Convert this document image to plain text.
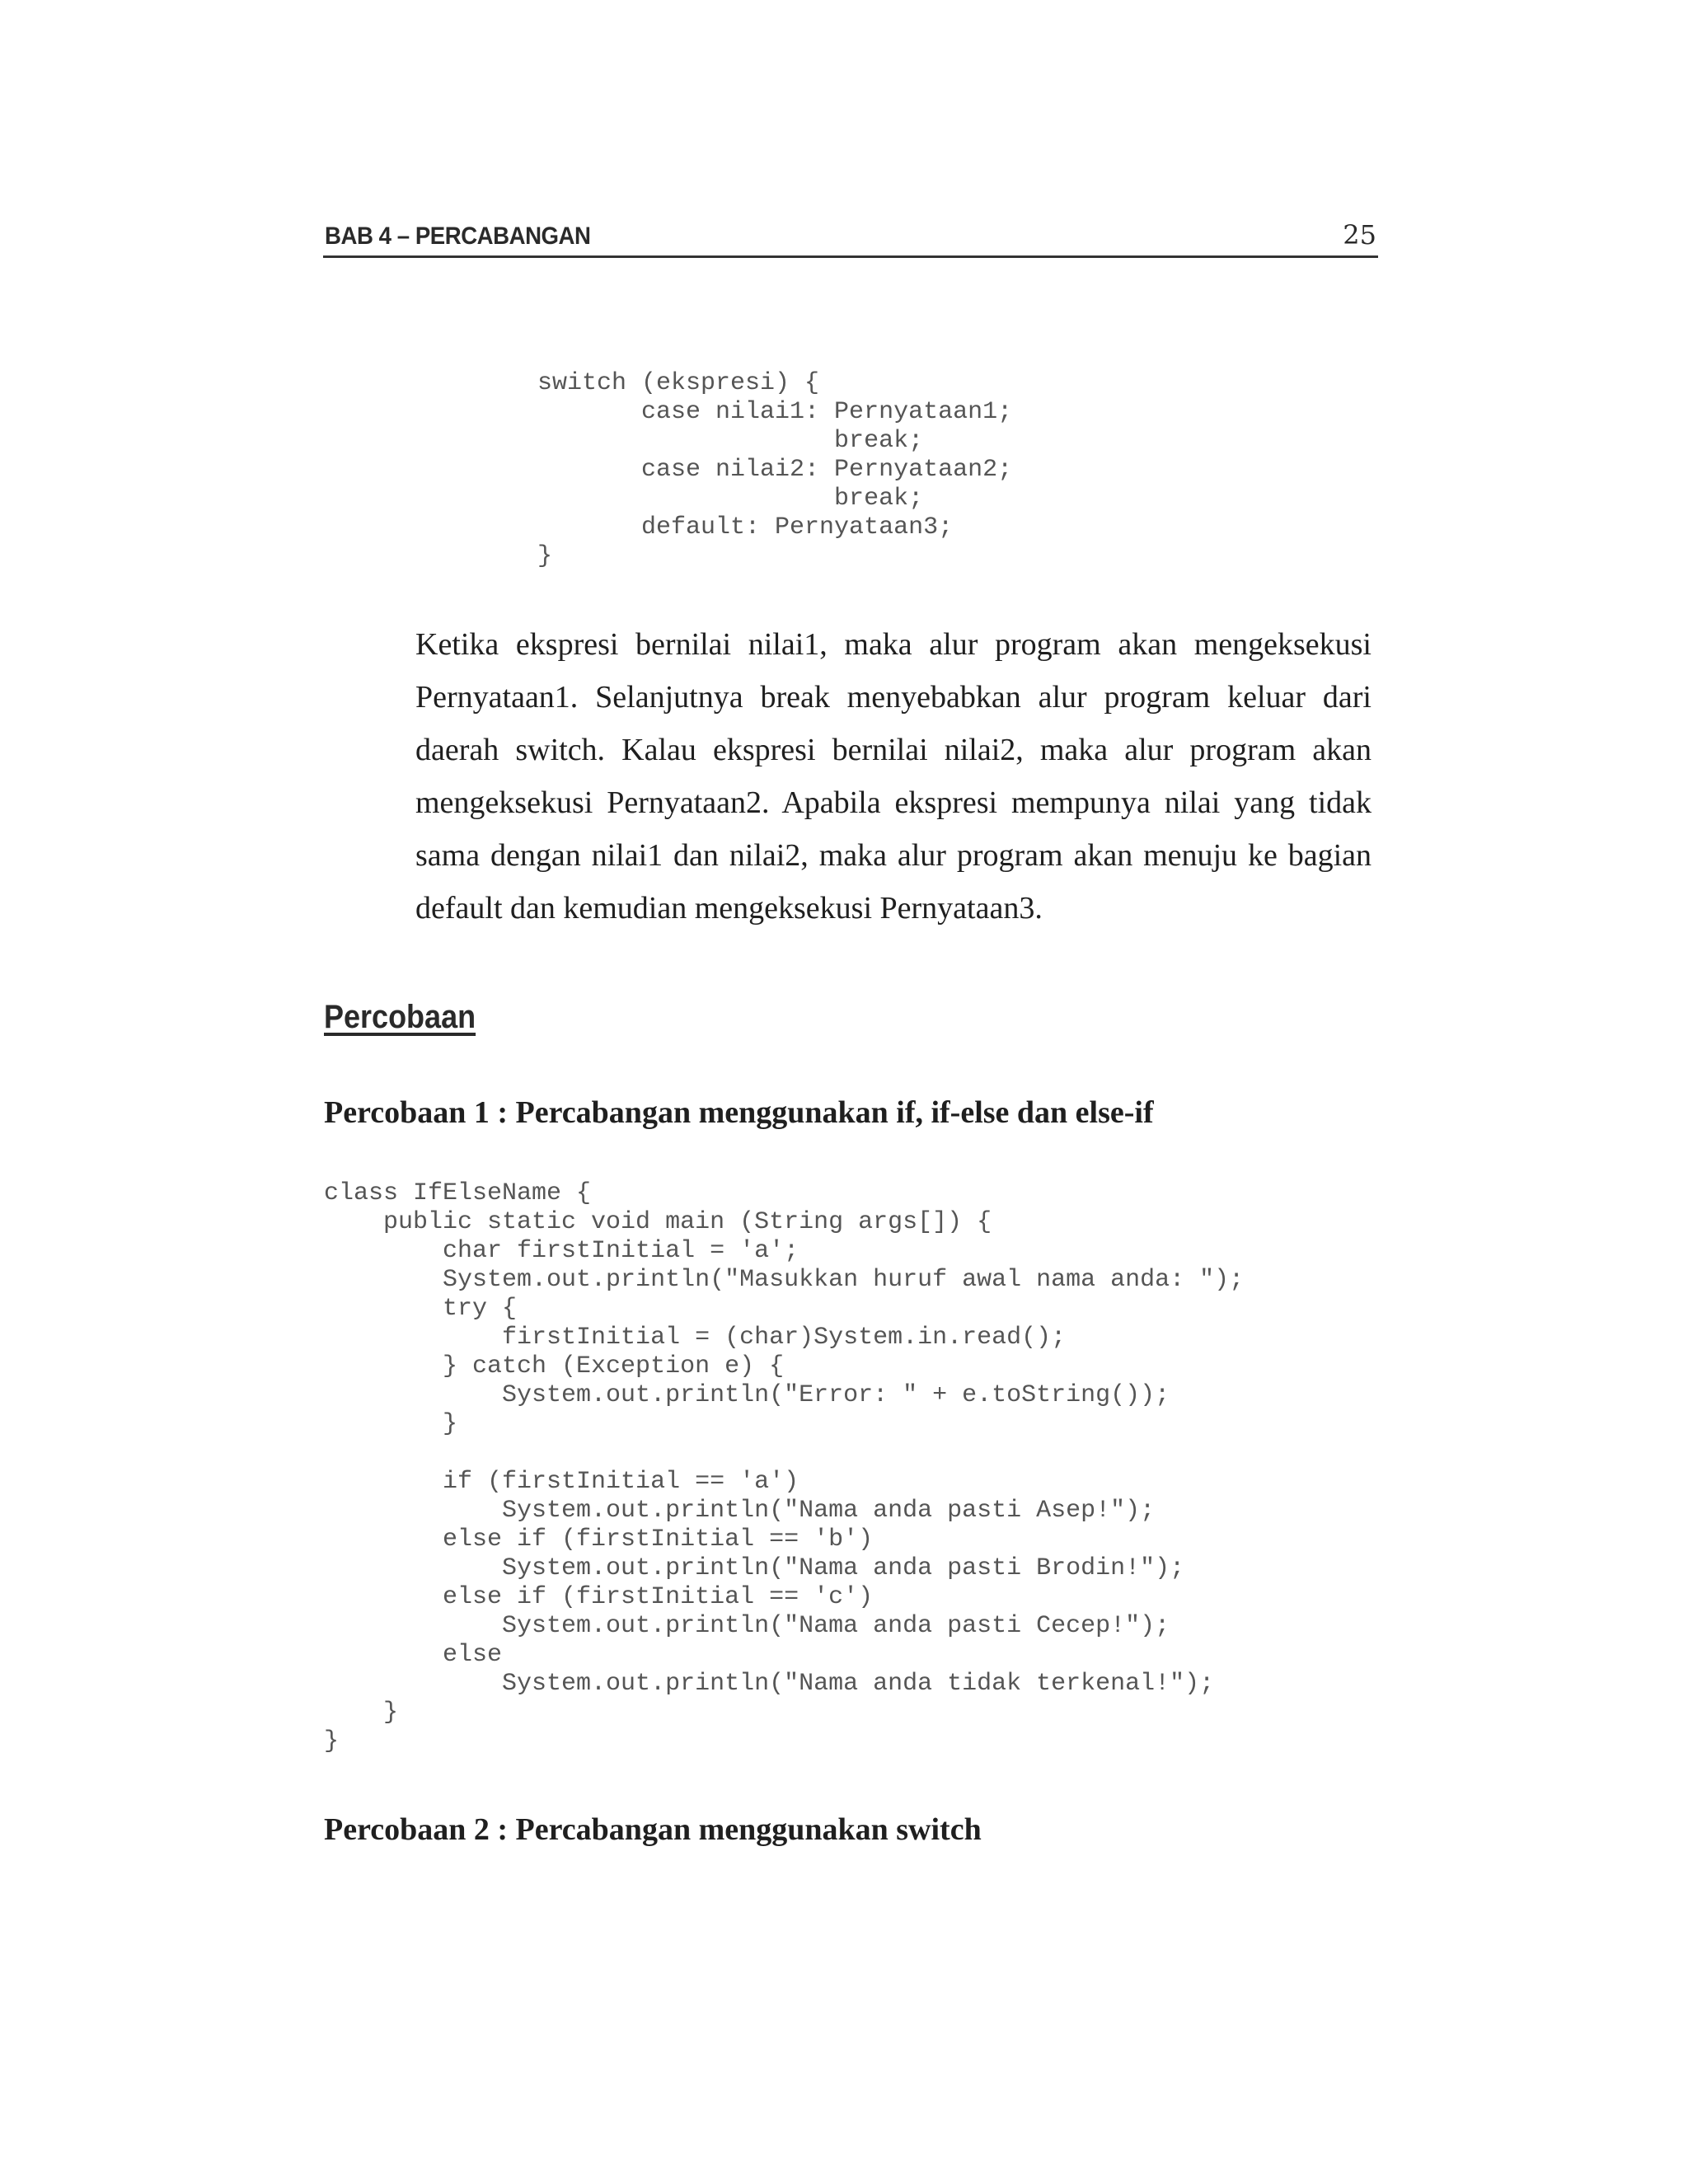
BAB 4 – PERCABANGAN	25
switch (ekspresi) {
case nilai1: Pernyataan1;
break;
case nilai2: Pernyataan2;
break;
default: Pernyataan3;
}

Ketika ekspresi bernilai nilai1, maka alur program akan mengeksekusi Pernyataan1. Selanjutnya break menyebabkan alur program keluar dari daerah switch. Kalau ekspresi bernilai nilai2, maka alur program akan mengeksekusi Pernyataan2. Apabila ekspresi mempunya nilai yang tidak sama dengan nilai1 dan nilai2, maka alur program akan menuju ke bagian default dan kemudian mengeksekusi Pernyataan3.

Percobaan
Percobaan 1 : Percabangan menggunakan if, if-else dan else-if
class IfElseName {
public static void main (String args[]) {
char firstInitial = 'a';
System.out.println("Masukkan huruf awal nama anda: ");
try {
firstInitial = (char)System.in.read();
} catch (Exception e) {
System.out.println("Error: " + e.toString());
}

if (firstInitial == 'a')
System.out.println("Nama anda pasti Asep!");
else if (firstInitial == 'b')
System.out.println("Nama anda pasti Brodin!");
else if (firstInitial == 'c')
System.out.println("Nama anda pasti Cecep!");
else
System.out.println("Nama anda tidak terkenal!");
}
}
Percobaan 2 : Percabangan menggunakan switch
